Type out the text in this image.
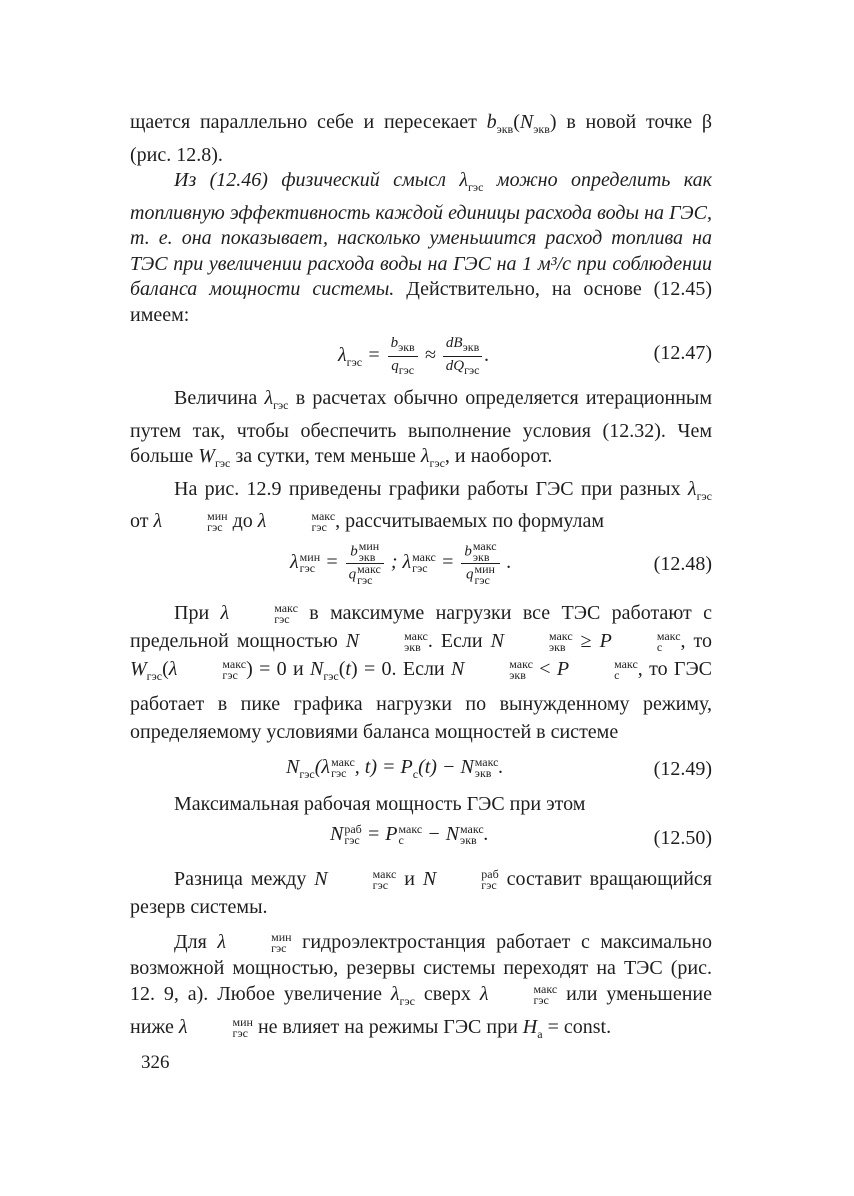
щается параллельно себе и пересекает $b_{экв}(N_{экв})$ в новой точке β (рис. 12.8).

Из (12.46) физический смысл $\lambda_{гэс}$ можно определить как топливную эффективность каждой единицы расхода воды на ГЭС, т. е. она показывает, насколько уменьшится расход топлива на ТЭС при увеличении расхода воды на ГЭС на 1 м³/с при соблюдении баланса мощности системы. Действительно, на основе (12.45) имеем:

$\lambda_{гэс} = \frac{b_{экв}}{q_{гэс}} \approx \frac{dB_{экв}}{dQ_{гэс}}$ .	(12.47)

Величина $\lambda_{гэс}$ в расчетах обычно определяется итерационным путем так, чтобы обеспечить выполнение условия (12.32). Чем больше $W_{гэс}$ за сутки, тем меньше $\lambda_{гэс}$, и наоборот.

На рис. 12.9 приведены графики работы ГЭС при разных $\lambda_{гэс}$ от λ	мин
гэс до λ	макс
гэс , рассчитываемых по формулам

λ мин
гэс = b мин
экв
q макс
гэс ; λ макс
гэс = b макс
экв
q мин
гэс .	(12.48)

При λ	макс
гэс в максимуме нагрузки все ТЭС работают с предельной мощностью N	макс
экв . Если N	макс
экв ≥ P	макс
с , то $W_{гэс}(\lambda$	макс
гэс ) = 0 и $N_{гэс}(t) = 0$. Если N	макс
экв < P	макс
с , то ГЭС работает в пике графика нагрузки по вынужденному режиму, определяемому условиями баланса мощностей в системе

$N_{гэс}(\lambda$ макс
гэс , $t) = P_с(t) - N$ макс
экв .	(12.49)

Максимальная рабочая мощность ГЭС при этом

N раб
гэс = P макс
с − N макс
экв .	(12.50)

Разница между N	макс
гэс и N	раб
гэс составит вращающийся резерв системы.

Для λ	мин
гэс гидроэлектростанция работает с максимально возможной мощностью, резервы системы переходят на ТЭС (рис. 12. 9, а). Любое увеличение $\lambda_{гэс}$ сверх λ	макс
гэс или уменьшение ниже λ	мин
гэс не влияет на режимы ГЭС при $H_а$ = const.

326
